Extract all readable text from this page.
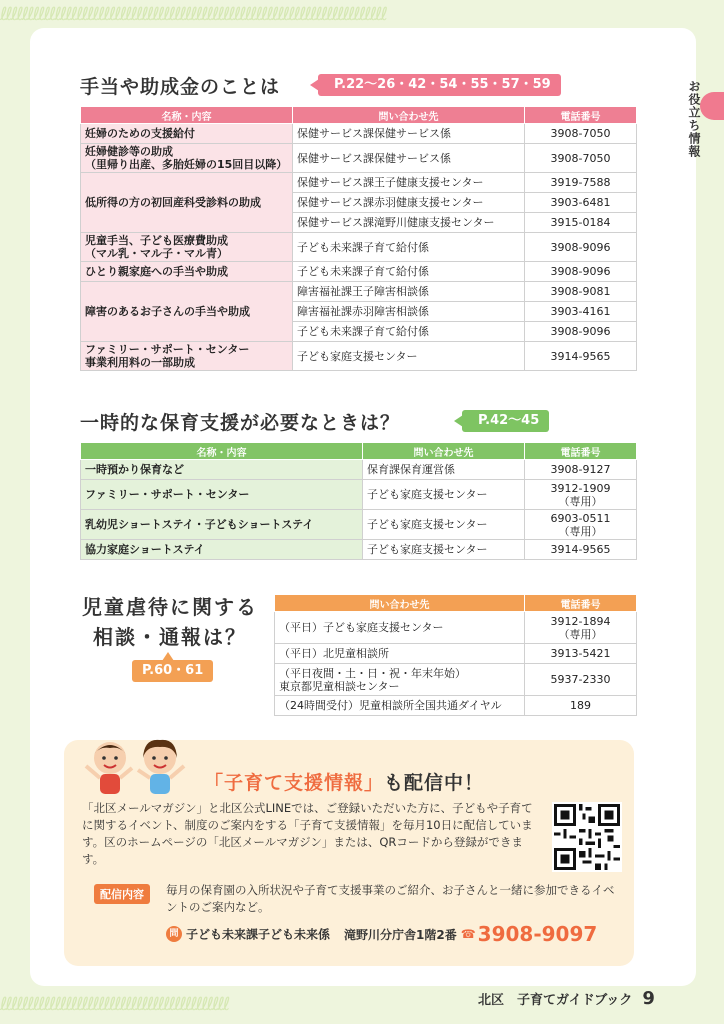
ℓℓℓℓℓℓℓℓℓℓℓℓℓℓℓℓℓℓℓℓℓℓℓℓℓℓℓℓℓℓℓℓℓℓℓℓℓℓℓℓℓℓℓℓℓℓℓℓℓℓℓℓℓℓℓℓℓℓℓℓℓℓℓℓℓℓℓℓℓℓℓ
ℓℓℓℓℓℓℓℓℓℓℓℓℓℓℓℓℓℓℓℓℓℓℓℓℓℓℓℓℓℓℓℓℓℓℓℓℓℓℓℓℓℓ
お役立ち情報
手当や助成金のことは	P.22〜26・42・54・55・57・59
名称・内容	問い合わせ先	電話番号
妊婦のための支援給付	保健サービス課保健サービス係	3908-7050
妊婦健診等の助成
（里帰り出産、多胎妊婦の15回目以降）	保健サービス課保健サービス係	3908-7050
低所得の方の初回産科受診料の助成	保健サービス課王子健康支援センター	3919-7588
	保健サービス課赤羽健康支援センター	3903-6481
	保健サービス課滝野川健康支援センター	3915-0184
児童手当、子ども医療費助成
（マル乳・マル子・マル青）	子ども未来課子育て給付係	3908-9096
ひとり親家庭への手当や助成	子ども未来課子育て給付係	3908-9096
障害のあるお子さんの手当や助成	障害福祉課王子障害相談係	3908-9081
	障害福祉課赤羽障害相談係	3903-4161
	子ども未来課子育て給付係	3908-9096
ファミリー・サポート・センター
事業利用料の一部助成	子ども家庭支援センター	3914-9565
一時的な保育支援が必要なときは？	P.42〜45
名称・内容	問い合わせ先	電話番号
一時預かり保育など	保育課保育運営係	3908-9127
ファミリー・サポート・センター	子ども家庭支援センター	3912-1909
（専用）
乳幼児ショートステイ・子どもショートステイ	子ども家庭支援センター	6903-0511
（専用）
協力家庭ショートステイ	子ども家庭支援センター	3914-9565
児童虐待に関する
相談・通報は？
P.60・61
問い合わせ先	電話番号
（平日）子ども家庭支援センター	3912-1894
（専用）
（平日）北児童相談所	3913-5421
（平日夜間・土・日・祝・年末年始）
東京都児童相談センター	5937-2330
（24時間受付）児童相談所全国共通ダイヤル	189
「子育て支援情報」も配信中！
「北区メールマガジン」と北区公式LINEでは、ご登録いただいた方に、子どもや子育てに関するイベント、制度のご案内をする「子育て支援情報」を毎月10日に配信しています。区のホームページの「北区メールマガジン」または、QRコードから登録ができます。
配信内容	毎月の保育園の入所状況や子育て支援事業のご紹介、お子さんと一緒に参加できるイベントのご案内など。
問 子ども未来課子ども未来係 滝野川分庁舎1階2番 ☎ 3908-9097
北区　子育てガイドブック 9
